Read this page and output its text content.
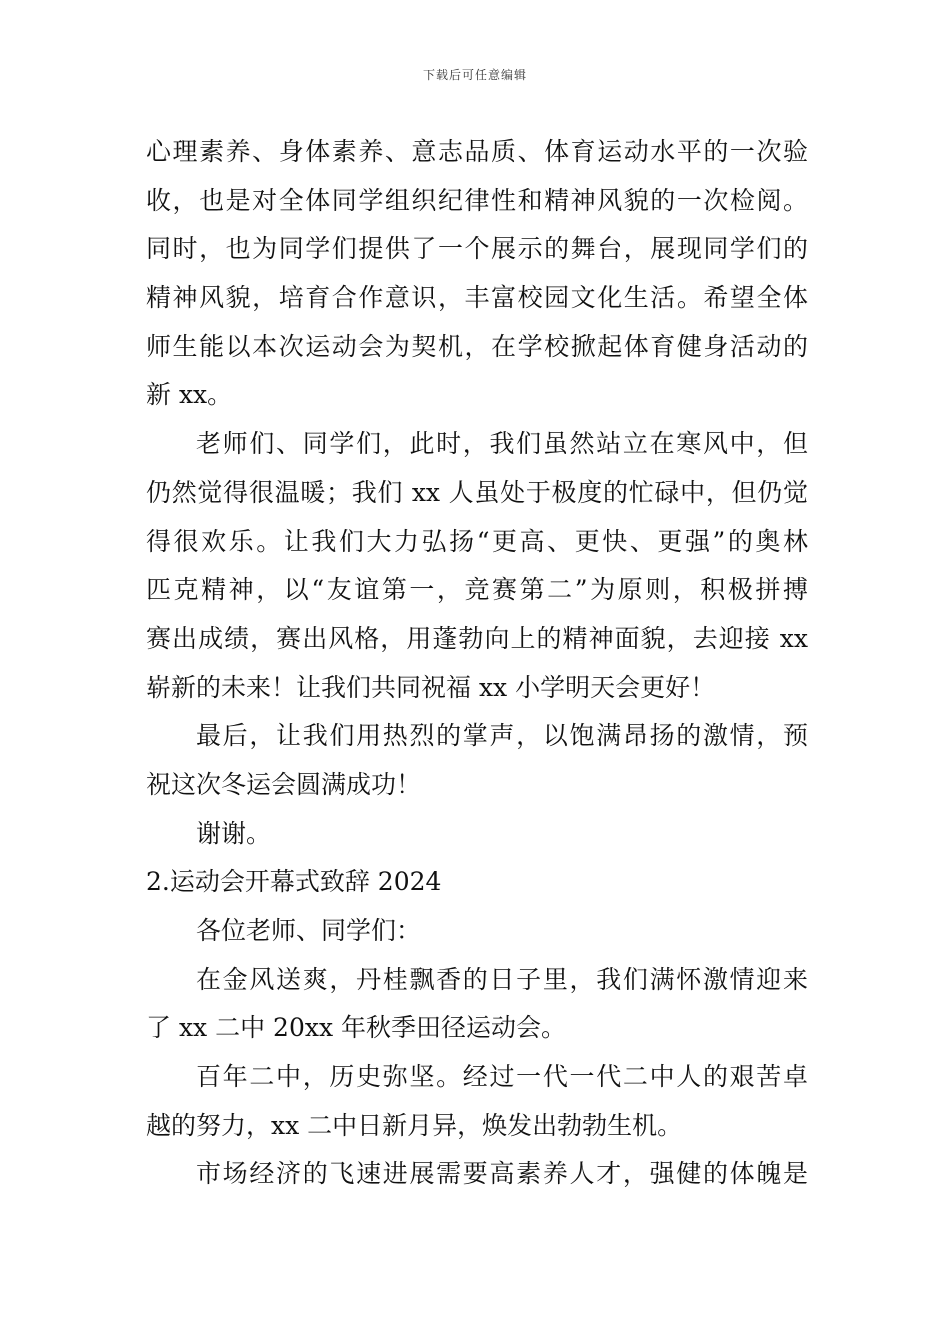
下载后可任意编辑
心理素养、身体素养、意志品质、体育运动水平的一次验
收，也是对全体同学组织纪律性和精神风貌的一次检阅。
同时，也为同学们提供了一个展示的舞台，展现同学们的
精神风貌，培育合作意识，丰富校园文化生活。希望全体
师生能以本次运动会为契机，在学校掀起体育健身活动的
新 xx。
老师们、同学们，此时，我们虽然站立在寒风中，但
仍然觉得很温暖；我们 xx 人虽处于极度的忙碌中，但仍觉
得很欢乐。让我们大力弘扬“更高、更快、更强”的奥林
匹克精神，以“友谊第一，竞赛第二”为原则，积极拼搏
赛出成绩，赛出风格，用蓬勃向上的精神面貌，去迎接 xx
崭新的未来！让我们共同祝福 xx 小学明天会更好！
最后，让我们用热烈的掌声，以饱满昂扬的激情，预
祝这次冬运会圆满成功！
谢谢。
2.运动会开幕式致辞 2024
各位老师、同学们：
在金风送爽，丹桂飘香的日子里，我们满怀激情迎来
了 xx 二中 20xx 年秋季田径运动会。
百年二中，历史弥坚。经过一代一代二中人的艰苦卓
越的努力，xx 二中日新月异，焕发出勃勃生机。
市场经济的飞速进展需要高素养人才，强健的体魄是
